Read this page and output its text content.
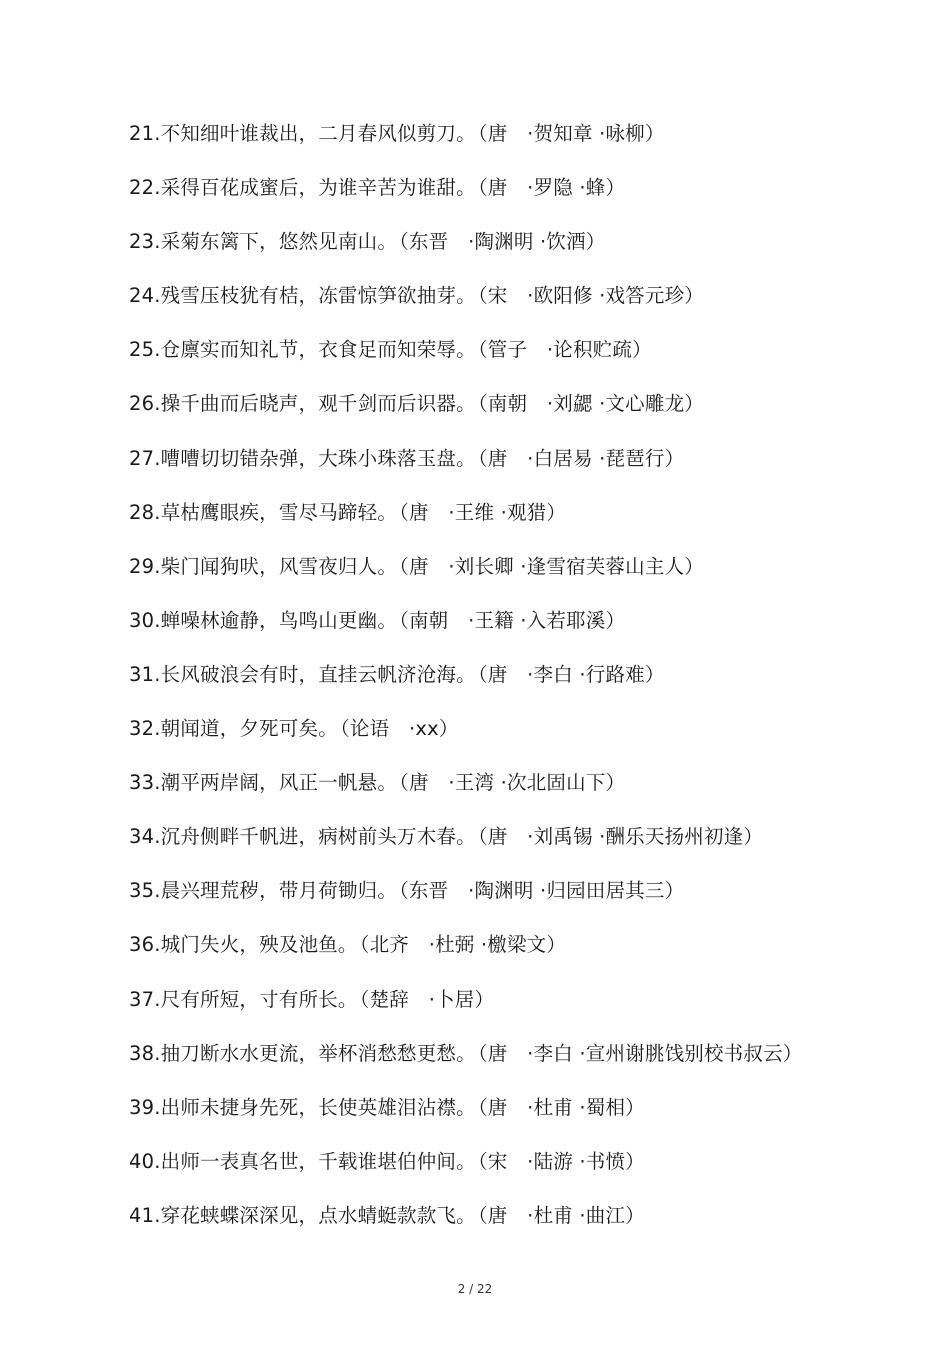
21.不知细叶谁裁出，二月春风似剪刀。 （唐　·贺知章 ·咏柳）
22.采得百花成蜜后，为谁辛苦为谁甜。 （唐　·罗隐 ·蜂）
23.采菊东篱下，悠然见南山。 （东晋　·陶渊明 ·饮酒）
24.残雪压枝犹有桔，冻雷惊笋欲抽芽。 （宋　·欧阳修 ·戏答元珍）
25.仓廪实而知礼节，衣食足而知荣辱。 （管子　·论积贮疏）
26.操千曲而后晓声，观千剑而后识器。 （南朝　·刘勰 ·文心雕龙）
27.嘈嘈切切错杂弹，大珠小珠落玉盘。 （唐　·白居易 ·琵琶行）
28.草枯鹰眼疾，雪尽马蹄轻。 （唐　·王维 ·观猎）
29.柴门闻狗吠，风雪夜归人。 （唐　·刘长卿 ·逢雪宿芙蓉山主人）
30.蝉噪林逾静，鸟鸣山更幽。 （南朝　·王籍 ·入若耶溪）
31.长风破浪会有时，直挂云帆济沧海。 （唐　·李白 ·行路难）
32.朝闻道，夕死可矣。 （论语　·xx）
33.潮平两岸阔，风正一帆悬。 （唐　·王湾 ·次北固山下）
34.沉舟侧畔千帆进，病树前头万木春。 （唐　·刘禹锡 ·酬乐天扬州初逢）
35.晨兴理荒秽，带月荷锄归。 （东晋　·陶渊明 ·归园田居其三）
36.城门失火，殃及池鱼。 （北齐　·杜弼 ·檄梁文）
37.尺有所短，寸有所长。 （楚辞　·卜居）
38.抽刀断水水更流，举杯消愁愁更愁。 （唐　·李白 ·宣州谢朓饯别校书叔云）
39.出师未捷身先死，长使英雄泪沾襟。 （唐　·杜甫 ·蜀相）
40.出师一表真名世，千载谁堪伯仲间。 （宋　·陆游 ·书愤）
41.穿花蛱蝶深深见，点水蜻蜓款款飞。 （唐　·杜甫 ·曲江）
2 / 22
